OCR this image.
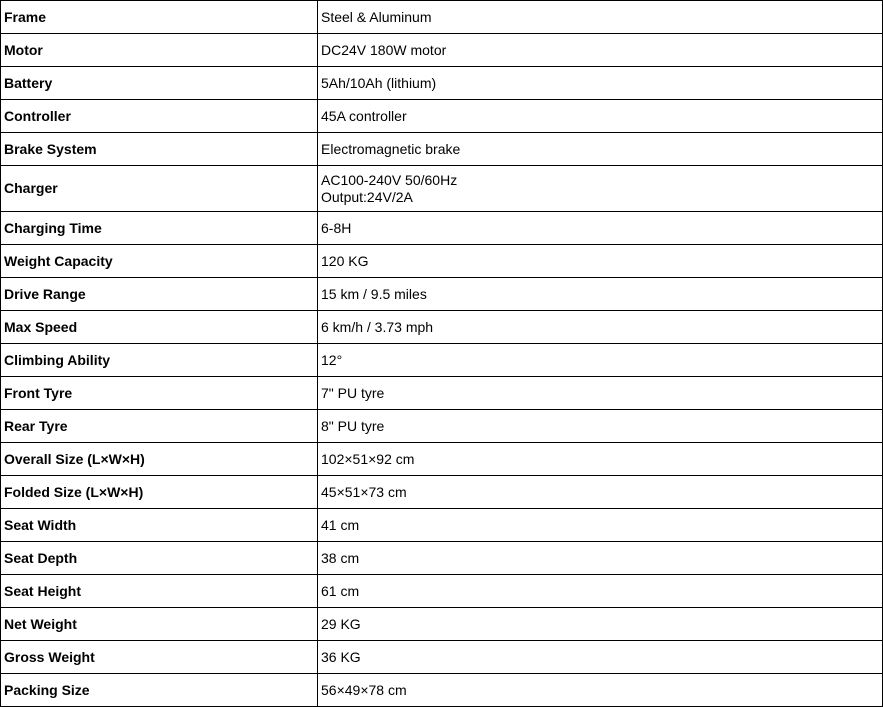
Frame	Steel & Aluminum
Motor	DC24V 180W motor
Battery	5Ah/10Ah (lithium)
Controller	45A controller
Brake System	Electromagnetic brake
Charger	AC100-240V 50/60Hz
Output:24V/2A

Charging Time	6-8H
Weight Capacity	120 KG
Drive Range	15 km / 9.5 miles
Max Speed	6 km/h / 3.73 mph
Climbing Ability	12°
Front Tyre	7" PU tyre
Rear Tyre	8" PU tyre
Overall Size (L×W×H)	102×51×92 cm
Folded Size (L×W×H)	45×51×73 cm
Seat Width	41 cm
Seat Depth	38 cm
Seat Height	61 cm
Net Weight	29 KG
Gross Weight	36 KG
Packing Size	56×49×78 cm
